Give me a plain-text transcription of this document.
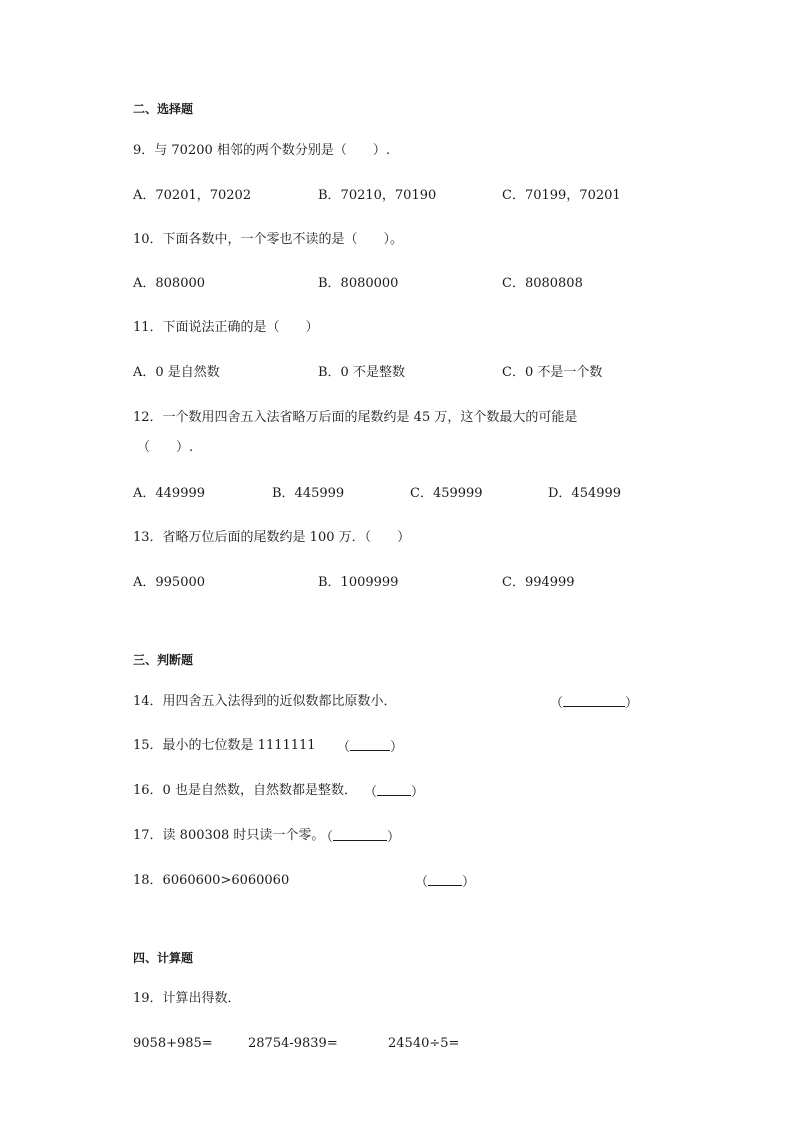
二、选择题
9．与 70200 相邻的两个数分别是（　　）.
A．70201，70202	B．70210，70190	C．70199，70201
10．下面各数中，一个零也不读的是（　　）。
A．808000	B．8080000	C．8080808
11．下面说法正确的是（　　）
A．0 是自然数	B．0 不是整数	C．0 不是一个数
12．一个数用四舍五入法省略万后面的尾数约是 45 万，这个数最大的可能是
（　　）.
A．449999	B．445999	C．459999	D．454999
13．省略万位后面的尾数约是 100 万．（　　）
A．995000	B．1009999	C．994999
三、判断题
14．用四舍五入法得到的近似数都比原数小．	（	）
15．最小的七位数是 1111111 （	）
16．0 也是自然数，自然数都是整数． （	）
17．读 800308 时只读一个零。
（	）
18．6060600>6060060	（	）
四、计算题
19．计算出得数．
9058+985=	28754-9839=	24540÷5=
